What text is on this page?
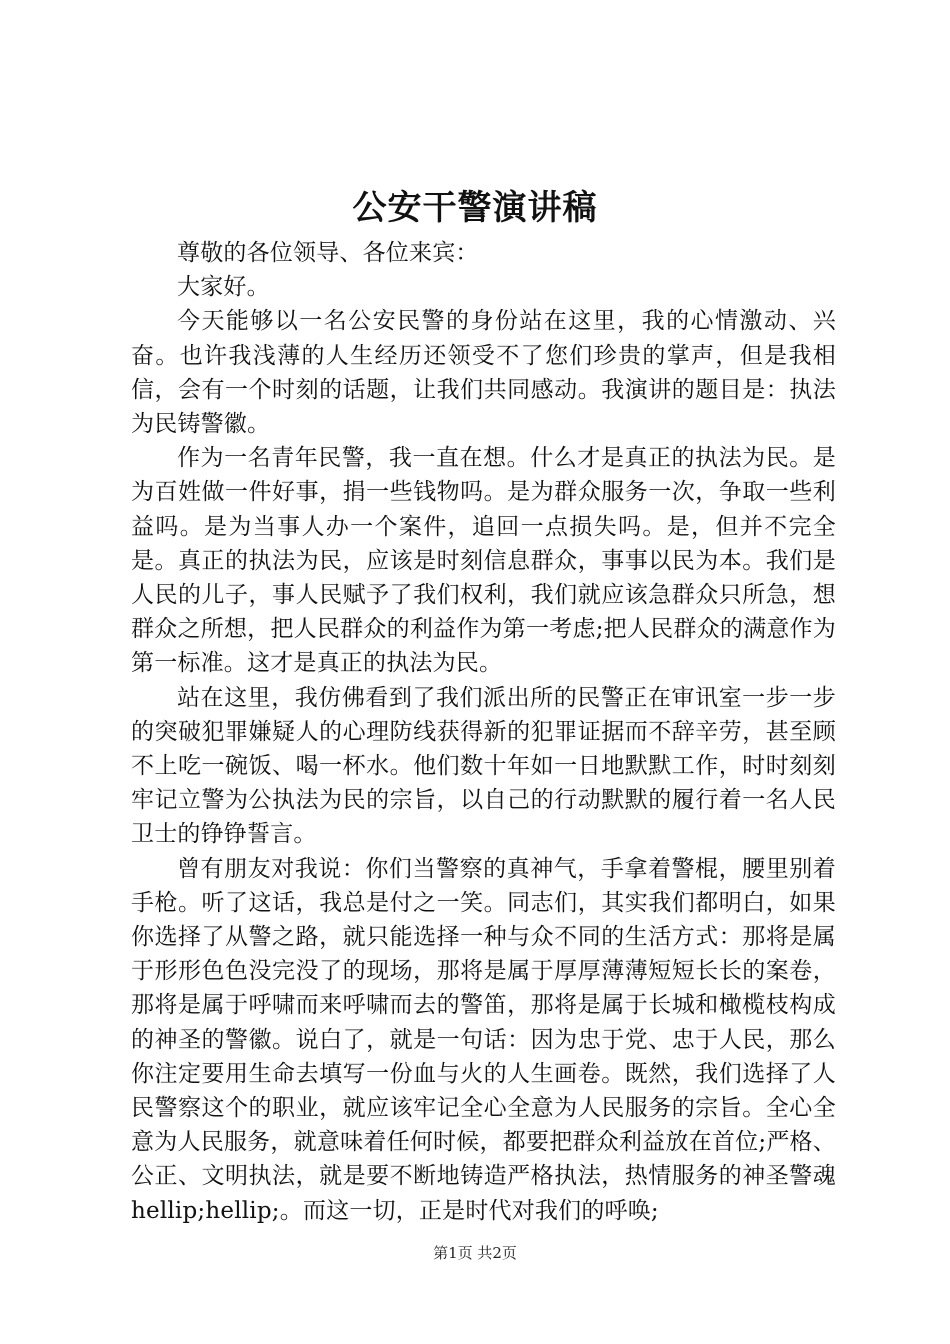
公安干警演讲稿

尊敬的各位领导、各位来宾：

大家好。

今天能够以一名公安民警的身份站在这里，我的心情激动、兴奋。也许我浅薄的人生经历还领受不了您们珍贵的掌声，但是我相信，会有一个时刻的话题，让我们共同感动。我演讲的题目是：执法为民铸警徽。

作为一名青年民警，我一直在想。什么才是真正的执法为民。是为百姓做一件好事，捐一些钱物吗。是为群众服务一次，争取一些利益吗。是为当事人办一个案件，追回一点损失吗。是，但并不完全是。真正的执法为民，应该是时刻信息群众，事事以民为本。我们是人民的儿子，事人民赋予了我们权利，我们就应该急群众只所急，想群众之所想，把人民群众的利益作为第一考虑;把人民群众的满意作为第一标准。这才是真正的执法为民。

站在这里，我仿佛看到了我们派出所的民警正在审讯室一步一步的突破犯罪嫌疑人的心理防线获得新的犯罪证据而不辞辛劳，甚至顾不上吃一碗饭、喝一杯水。他们数十年如一日地默默工作，时时刻刻牢记立警为公执法为民的宗旨，以自己的行动默默的履行着一名人民卫士的铮铮誓言。

曾有朋友对我说：你们当警察的真神气，手拿着警棍，腰里别着手枪。听了这话，我总是付之一笑。同志们，其实我们都明白，如果你选择了从警之路，就只能选择一种与众不同的生活方式：那将是属于形形色色没完没了的现场，那将是属于厚厚薄薄短短长长的案卷，那将是属于呼啸而来呼啸而去的警笛，那将是属于长城和橄榄枝构成的神圣的警徽。说白了，就是一句话：因为忠于党、忠于人民，那么你注定要用生命去填写一份血与火的人生画卷。既然，我们选择了人民警察这个的职业，就应该牢记全心全意为人民服务的宗旨。全心全意为人民服务，就意味着任何时候，都要把群众利益放在首位;严格、公正、文明执法，就是要不断地铸造严格执法，热情服务的神圣警魂hellip;hellip;。而这一切，正是时代对我们的呼唤;

第1页 共2页
